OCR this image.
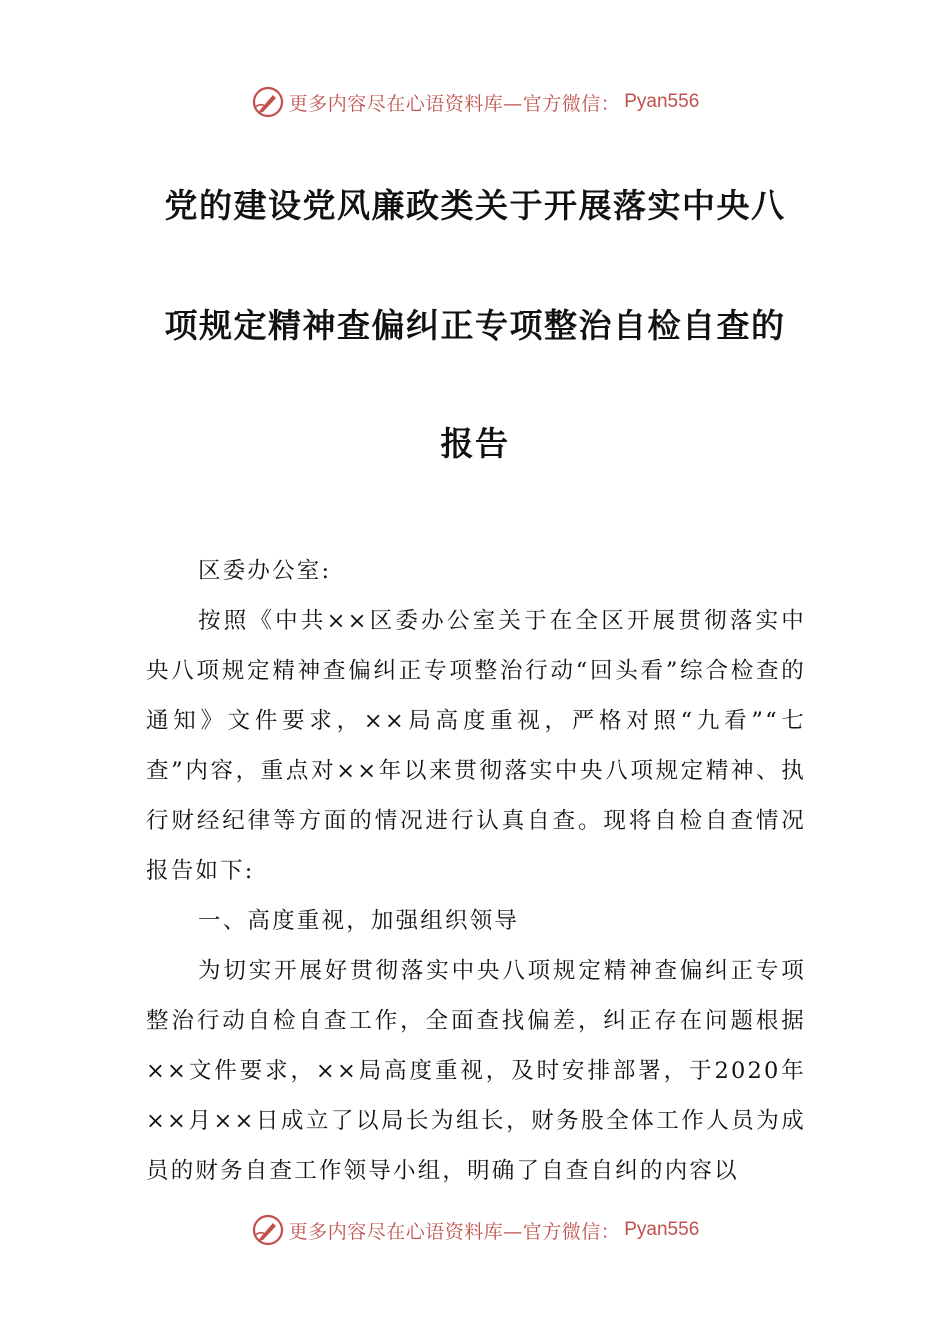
更多内容尽在心语资料库—官方微信： Pyan556
党的建设党风廉政类关于开展落实中央八
项规定精神查偏纠正专项整治自检自查的
报告

区委办公室:

按照《中共××区委办公室关于在全区开展贯彻落实中央八项规定精神查偏纠正专项整治行动“回头看”综合检查的通知》文件要求，××局高度重视，严格对照“九看”“七查”内容，重点对××年以来贯彻落实中央八项规定精神、执行财经纪律等方面的情况进行认真自查。现将自检自查情况报告如下:

一、高度重视，加强组织领导

为切实开展好贯彻落实中央八项规定精神查偏纠正专项整治行动自检自查工作，全面查找偏差，纠正存在问题根据××文件要求，××局高度重视，及时安排部署，于2020年××月××日成立了以局长为组长，财务股全体工作人员为成员的财务自查工作领导小组，明确了自查自纠的内容以

更多内容尽在心语资料库—官方微信： Pyan556
